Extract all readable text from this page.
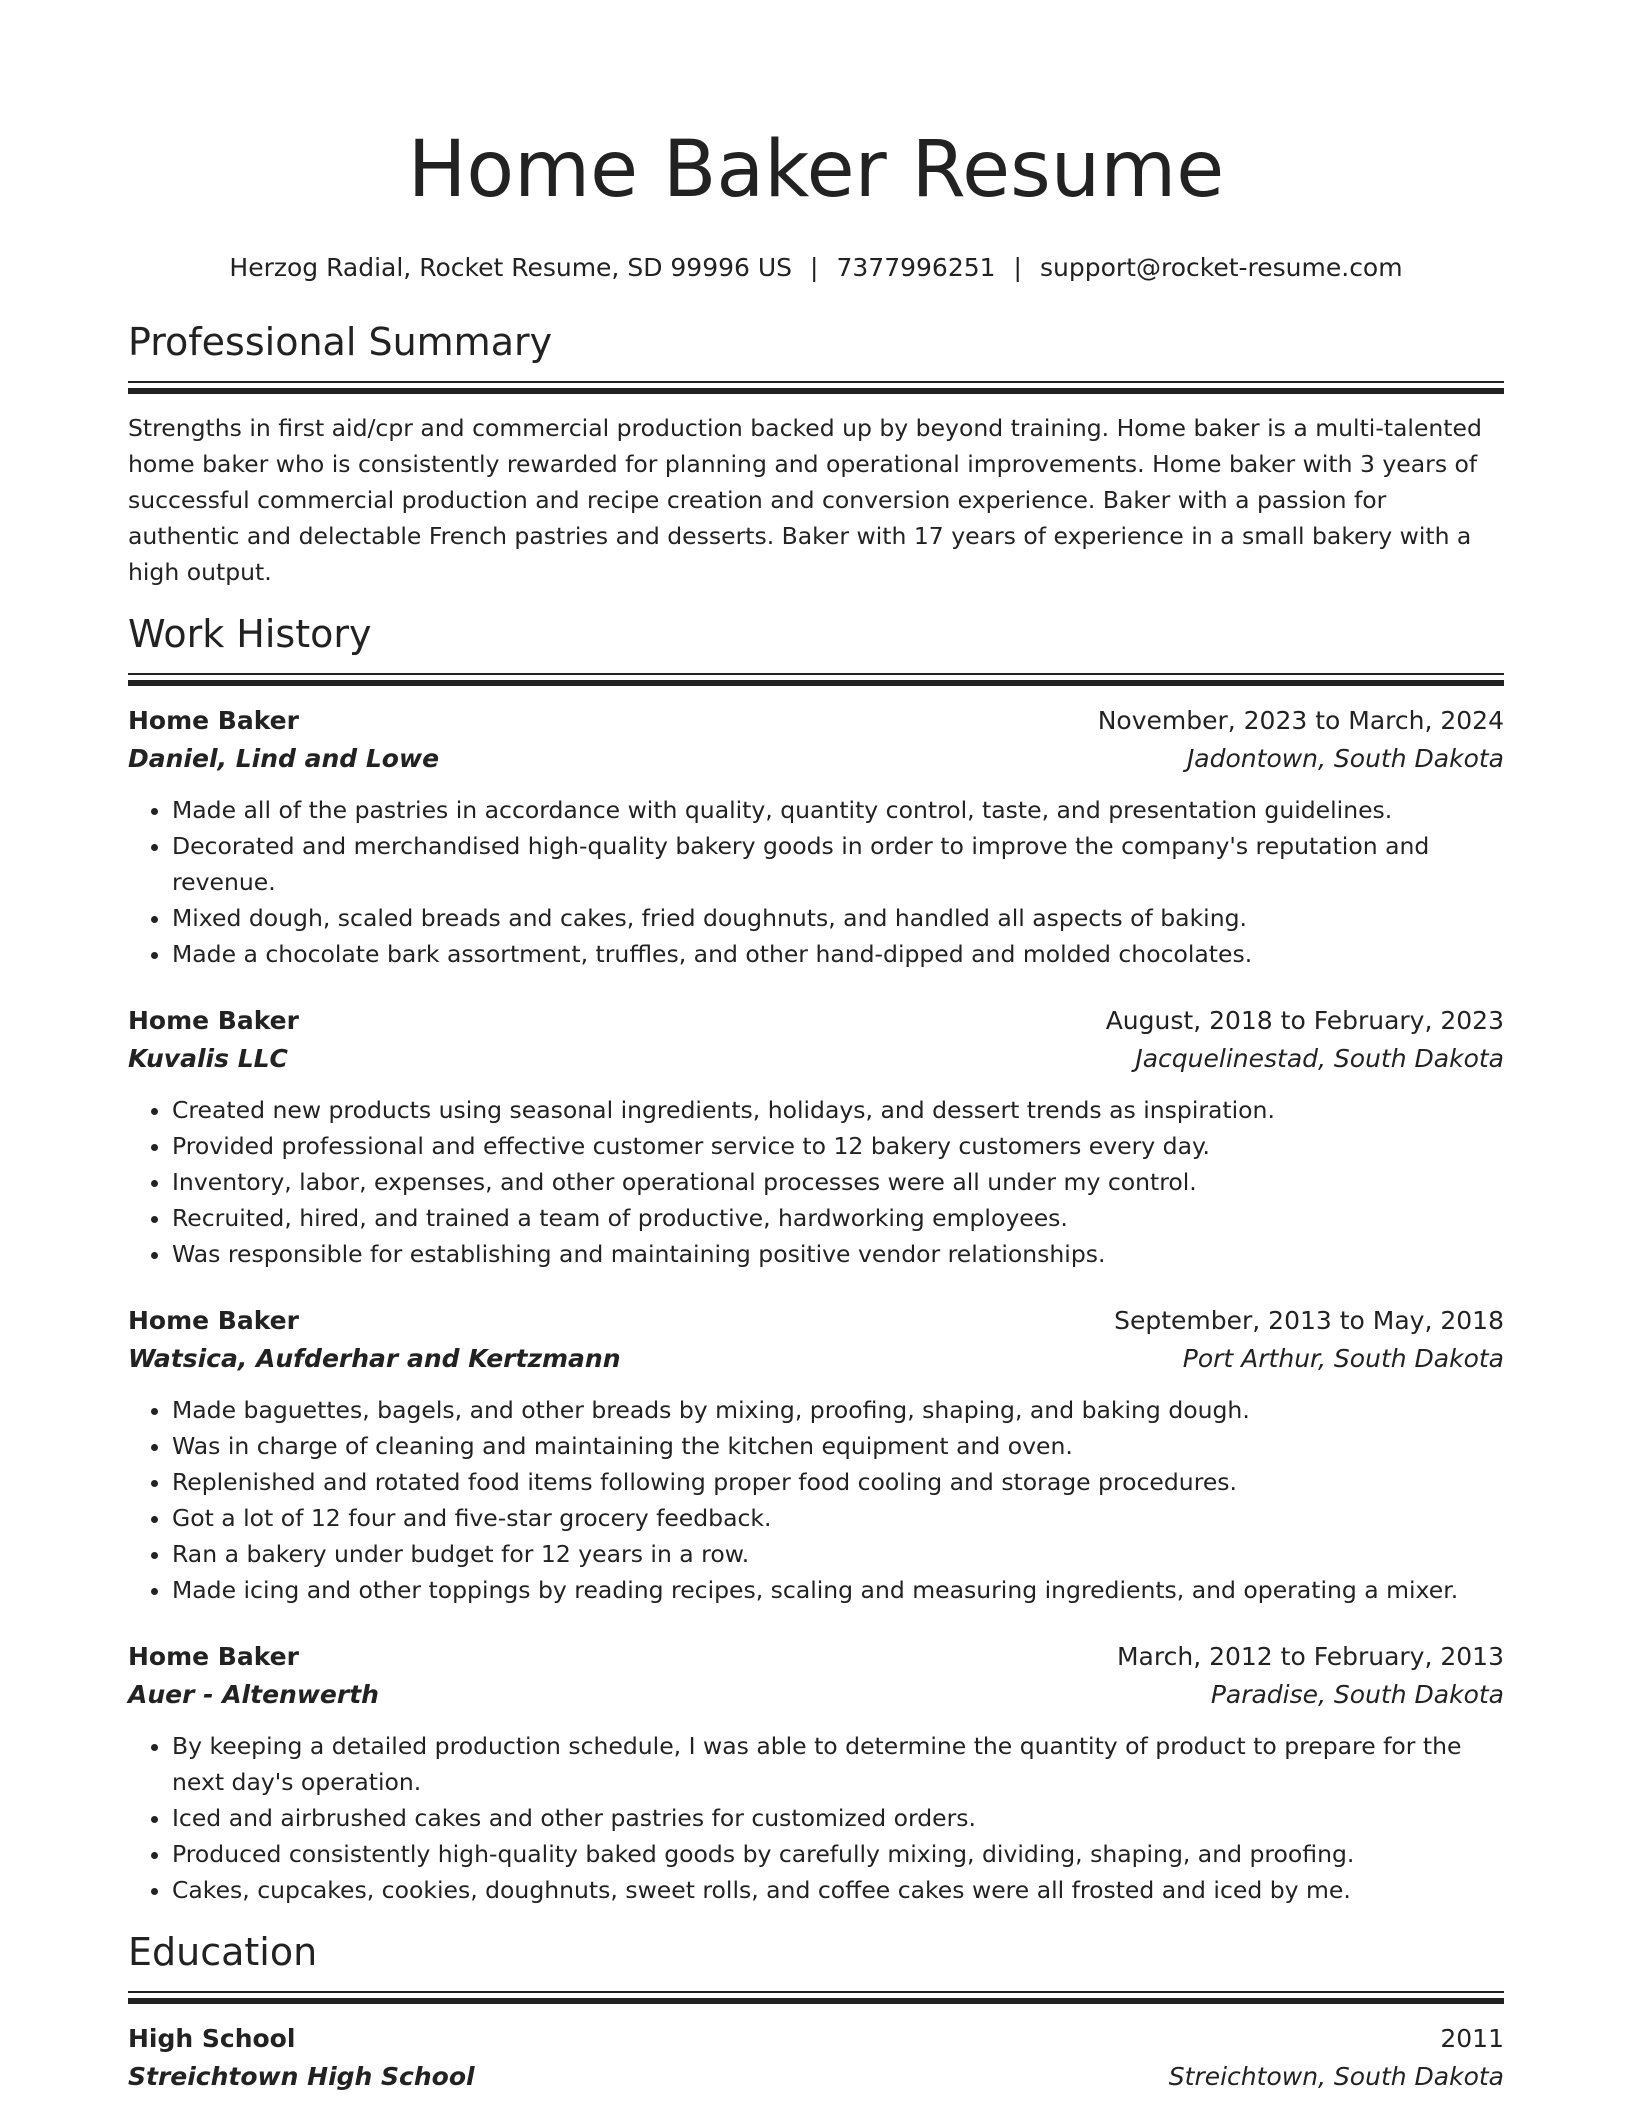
Home Baker Resume
Herzog Radial, Rocket Resume, SD 99996 US | 7377996251 | support@rocket-resume.com
Professional Summary

Strengths in first aid/cpr and commercial production backed up by beyond training. Home baker is a multi-talented home baker who is consistently rewarded for planning and operational improvements. Home baker with 3 years of successful commercial production and recipe creation and conversion experience. Baker with a passion for authentic and delectable French pastries and desserts. Baker with 17 years of experience in a small bakery with a high output.

Work History
Home Baker	November, 2023 to March, 2024
Daniel, Lind and Lowe	Jadontown, South Dakota
• Made all of the pastries in accordance with quality, quantity control, taste, and presentation guidelines.
• Decorated and merchandised high-quality bakery goods in order to improve the company's reputation and revenue.
• Mixed dough, scaled breads and cakes, fried doughnuts, and handled all aspects of baking.
• Made a chocolate bark assortment, truffles, and other hand-dipped and molded chocolates.
Home Baker	August, 2018 to February, 2023
Kuvalis LLC	Jacquelinestad, South Dakota
• Created new products using seasonal ingredients, holidays, and dessert trends as inspiration.
• Provided professional and effective customer service to 12 bakery customers every day.
• Inventory, labor, expenses, and other operational processes were all under my control.
• Recruited, hired, and trained a team of productive, hardworking employees.
• Was responsible for establishing and maintaining positive vendor relationships.
Home Baker	September, 2013 to May, 2018
Watsica, Aufderhar and Kertzmann	Port Arthur, South Dakota
• Made baguettes, bagels, and other breads by mixing, proofing, shaping, and baking dough.
• Was in charge of cleaning and maintaining the kitchen equipment and oven.
• Replenished and rotated food items following proper food cooling and storage procedures.
• Got a lot of 12 four and five-star grocery feedback.
• Ran a bakery under budget for 12 years in a row.
• Made icing and other toppings by reading recipes, scaling and measuring ingredients, and operating a mixer.
Home Baker	March, 2012 to February, 2013
Auer - Altenwerth	Paradise, South Dakota
• By keeping a detailed production schedule, I was able to determine the quantity of product to prepare for the next day's operation.
• Iced and airbrushed cakes and other pastries for customized orders.
• Produced consistently high-quality baked goods by carefully mixing, dividing, shaping, and proofing.
• Cakes, cupcakes, cookies, doughnuts, sweet rolls, and coffee cakes were all frosted and iced by me.
Education
High School	2011
Streichtown High School	Streichtown, South Dakota
